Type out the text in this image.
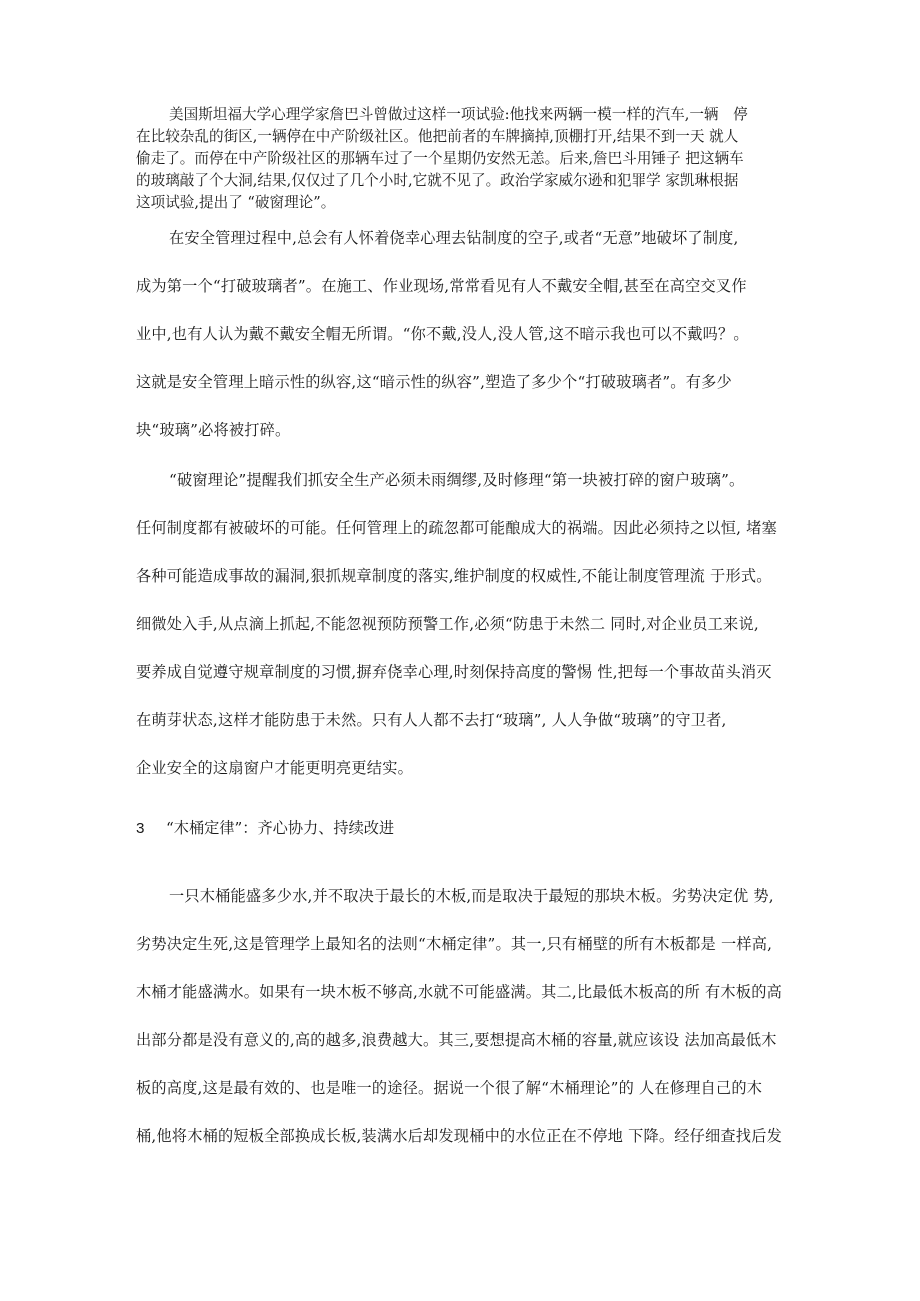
美国斯坦福大学心理学家詹巴斗曾做过这样一项试验:他找来两辆一模一样的汽车,一辆　停
在比较杂乱的街区,一辆停在中产阶级社区。他把前者的车牌摘掉,顶棚打开,结果不到一天 就人
偷走了。而停在中产阶级社区的那辆车过了一个星期仍安然无恙。后来,詹巴斗用锤子 把这辆车
的玻璃敲了个大洞,结果,仅仅过了几个小时,它就不见了。政治学家威尔逊和犯罪学 家凯琳根据
这项试验,提出了 “破窗理论”。
在安全管理过程中,总会有人怀着侥幸心理去钻制度的空子,或者“无意”地破坏了制度,
成为第一个“打破玻璃者”。在施工、作业现场,常常看见有人不戴安全帽,甚至在高空交叉作
业中,也有人认为戴不戴安全帽无所谓。“你不戴,没人,没人管,这不暗示我也可以不戴吗？。
这就是安全管理上暗示性的纵容,这“暗示性的纵容”,塑造了多少个“打破玻璃者”。有多少
块“玻璃”必将被打碎。
“破窗理论”提醒我们抓安全生产必须未雨绸缪,及时修理“第一块被打碎的窗户玻璃”。
任何制度都有被破坏的可能。任何管理上的疏忽都可能酿成大的祸端。因此必须持之以恒, 堵塞
各种可能造成事故的漏洞,狠抓规章制度的落实,维护制度的权威性,不能让制度管理流 于形式。
细微处入手,从点滴上抓起,不能忽视预防预警工作,必须“防患于未然二 同时,对企业员工来说,
要养成自觉遵守规章制度的习惯,摒弃侥幸心理,时刻保持高度的警惕 性,把每一个事故苗头消灭
在萌芽状态,这样才能防患于未然。只有人人都不去打“玻璃”, 人人争做“玻璃”的守卫者,
企业安全的这扇窗户才能更明亮更结实。
3 “木桶定律”：齐心协力、持续改进
一只木桶能盛多少水,并不取决于最长的木板,而是取决于最短的那块木板。劣势决定优 势,
劣势决定生死,这是管理学上最知名的法则“木桶定律”。其一,只有桶壁的所有木板都是 一样高,
木桶才能盛满水。如果有一块木板不够高,水就不可能盛满。其二,比最低木板高的所 有木板的高
出部分都是没有意义的,高的越多,浪费越大。其三,要想提高木桶的容量,就应该设 法加高最低木
板的高度,这是最有效的、也是唯一的途径。据说一个很了解“木桶理论”的 人在修理自己的木
桶,他将木桶的短板全部换成长板,装满水后却发现桶中的水位正在不停地 下降。经仔细查找后发
